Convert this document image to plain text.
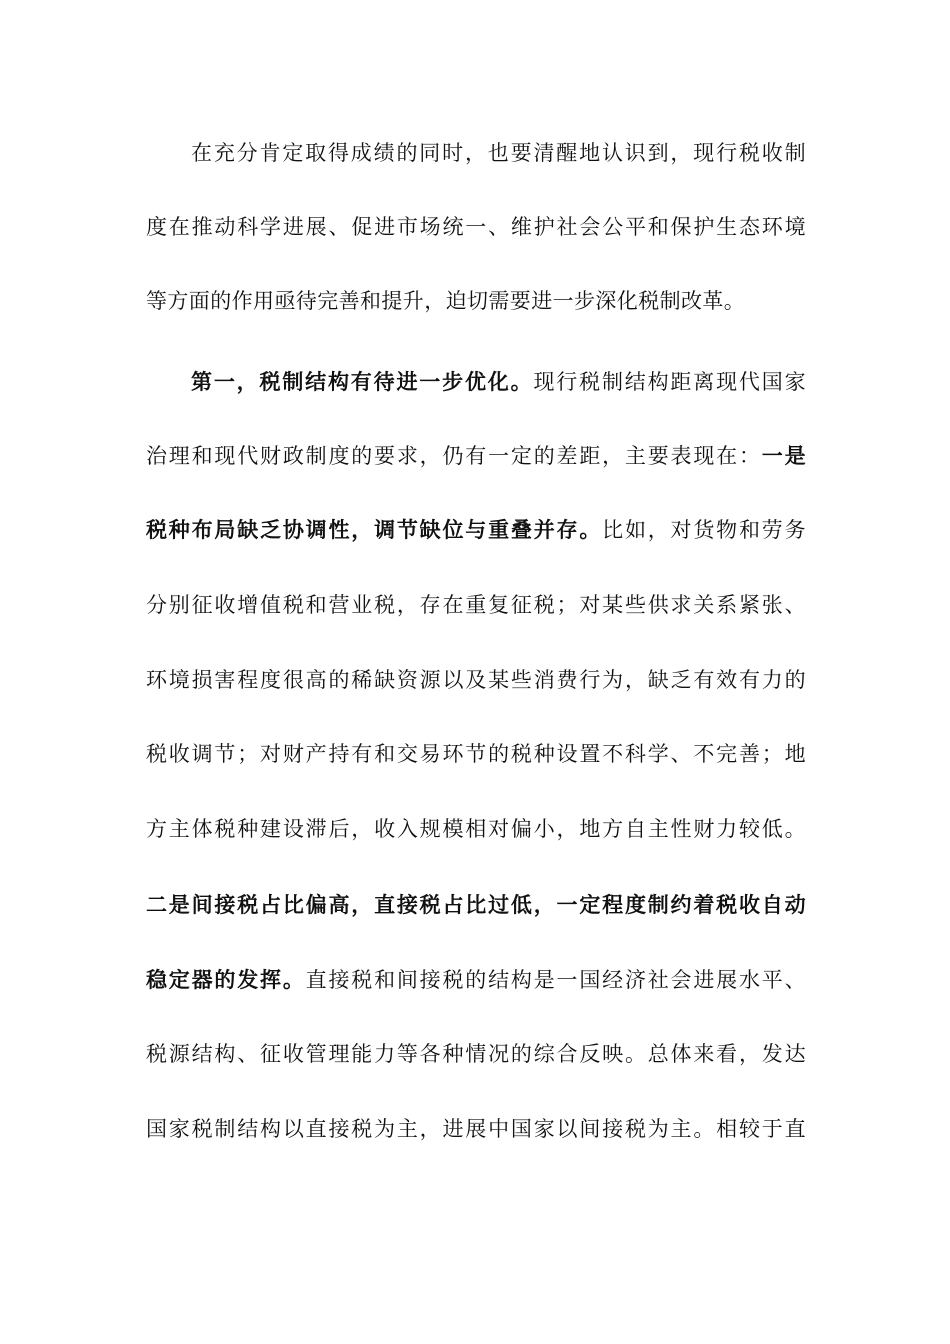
在充分肯定取得成绩的同时，也要清醒地认识到，现行税收制
度在推动科学进展、促进市场统一、维护社会公平和保护生态环境
等方面的作用亟待完善和提升，迫切需要进一步深化税制改革。
第一，税制结构有待进一步优化。现行税制结构距离现代国家
治理和现代财政制度的要求，仍有一定的差距，主要表现在：一是
税种布局缺乏协调性，调节缺位与重叠并存。比如，对货物和劳务
分别征收增值税和营业税，存在重复征税；对某些供求关系紧张、
环境损害程度很高的稀缺资源以及某些消费行为，缺乏有效有力的
税收调节；对财产持有和交易环节的税种设置不科学、不完善；地
方主体税种建设滞后，收入规模相对偏小，地方自主性财力较低。
二是间接税占比偏高，直接税占比过低，一定程度制约着税收自动
稳定器的发挥。直接税和间接税的结构是一国经济社会进展水平、
税源结构、征收管理能力等各种情况的综合反映。总体来看，发达
国家税制结构以直接税为主，进展中国家以间接税为主。相较于直
